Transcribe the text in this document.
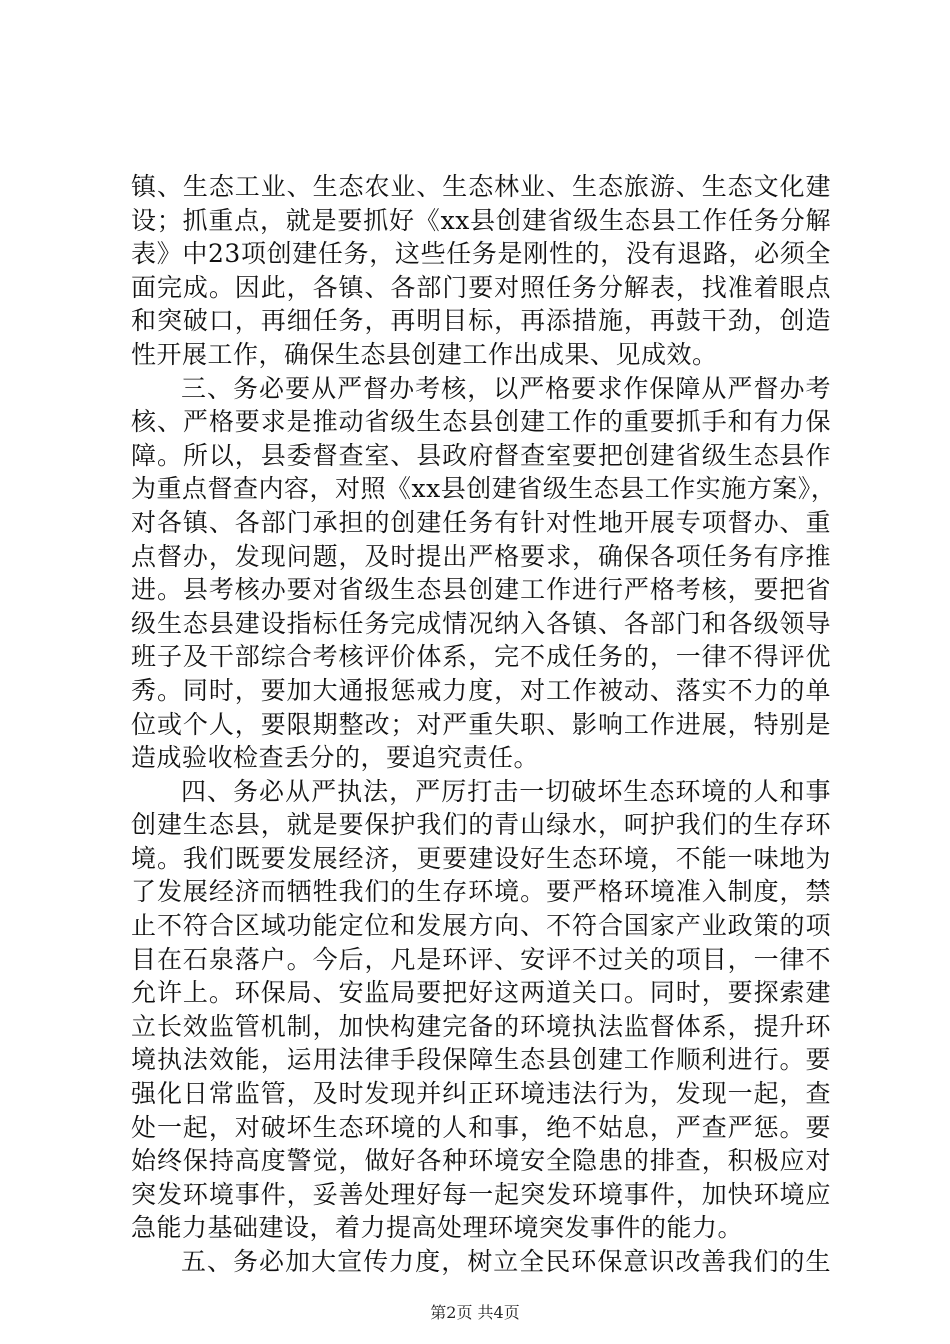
镇、生态工业、生态农业、生态林业、生态旅游、生态文化建
设；抓重点，就是要抓好《xx县创建省级生态县工作任务分解
表》中23项创建任务，这些任务是刚性的，没有退路，必须全
面完成。因此，各镇、各部门要对照任务分解表，找准着眼点
和突破口，再细任务，再明目标，再添措施，再鼓干劲，创造
性开展工作，确保生态县创建工作出成果、见成效。
三、务必要从严督办考核，以严格要求作保障从严督办考
核、严格要求是推动省级生态县创建工作的重要抓手和有力保
障。所以，县委督查室、县政府督查室要把创建省级生态县作
为重点督查内容，对照《xx县创建省级生态县工作实施方案》，
对各镇、各部门承担的创建任务有针对性地开展专项督办、重
点督办，发现问题，及时提出严格要求，确保各项任务有序推
进。县考核办要对省级生态县创建工作进行严格考核，要把省
级生态县建设指标任务完成情况纳入各镇、各部门和各级领导
班子及干部综合考核评价体系，完不成任务的，一律不得评优
秀。同时，要加大通报惩戒力度，对工作被动、落实不力的单
位或个人，要限期整改；对严重失职、影响工作进展，特别是
造成验收检查丢分的，要追究责任。
四、务必从严执法，严厉打击一切破坏生态环境的人和事
创建生态县，就是要保护我们的青山绿水，呵护我们的生存环
境。我们既要发展经济，更要建设好生态环境，不能一味地为
了发展经济而牺牲我们的生存环境。要严格环境准入制度，禁
止不符合区域功能定位和发展方向、不符合国家产业政策的项
目在石泉落户。今后，凡是环评、安评不过关的项目，一律不
允许上。环保局、安监局要把好这两道关口。同时，要探索建
立长效监管机制，加快构建完备的环境执法监督体系，提升环
境执法效能，运用法律手段保障生态县创建工作顺利进行。要
强化日常监管，及时发现并纠正环境违法行为，发现一起，查
处一起，对破坏生态环境的人和事，绝不姑息，严查严惩。要
始终保持高度警觉，做好各种环境安全隐患的排查，积极应对
突发环境事件，妥善处理好每一起突发环境事件，加快环境应
急能力基础建设，着力提高处理环境突发事件的能力。
五、务必加大宣传力度，树立全民环保意识改善我们的生
第2页 共4页
